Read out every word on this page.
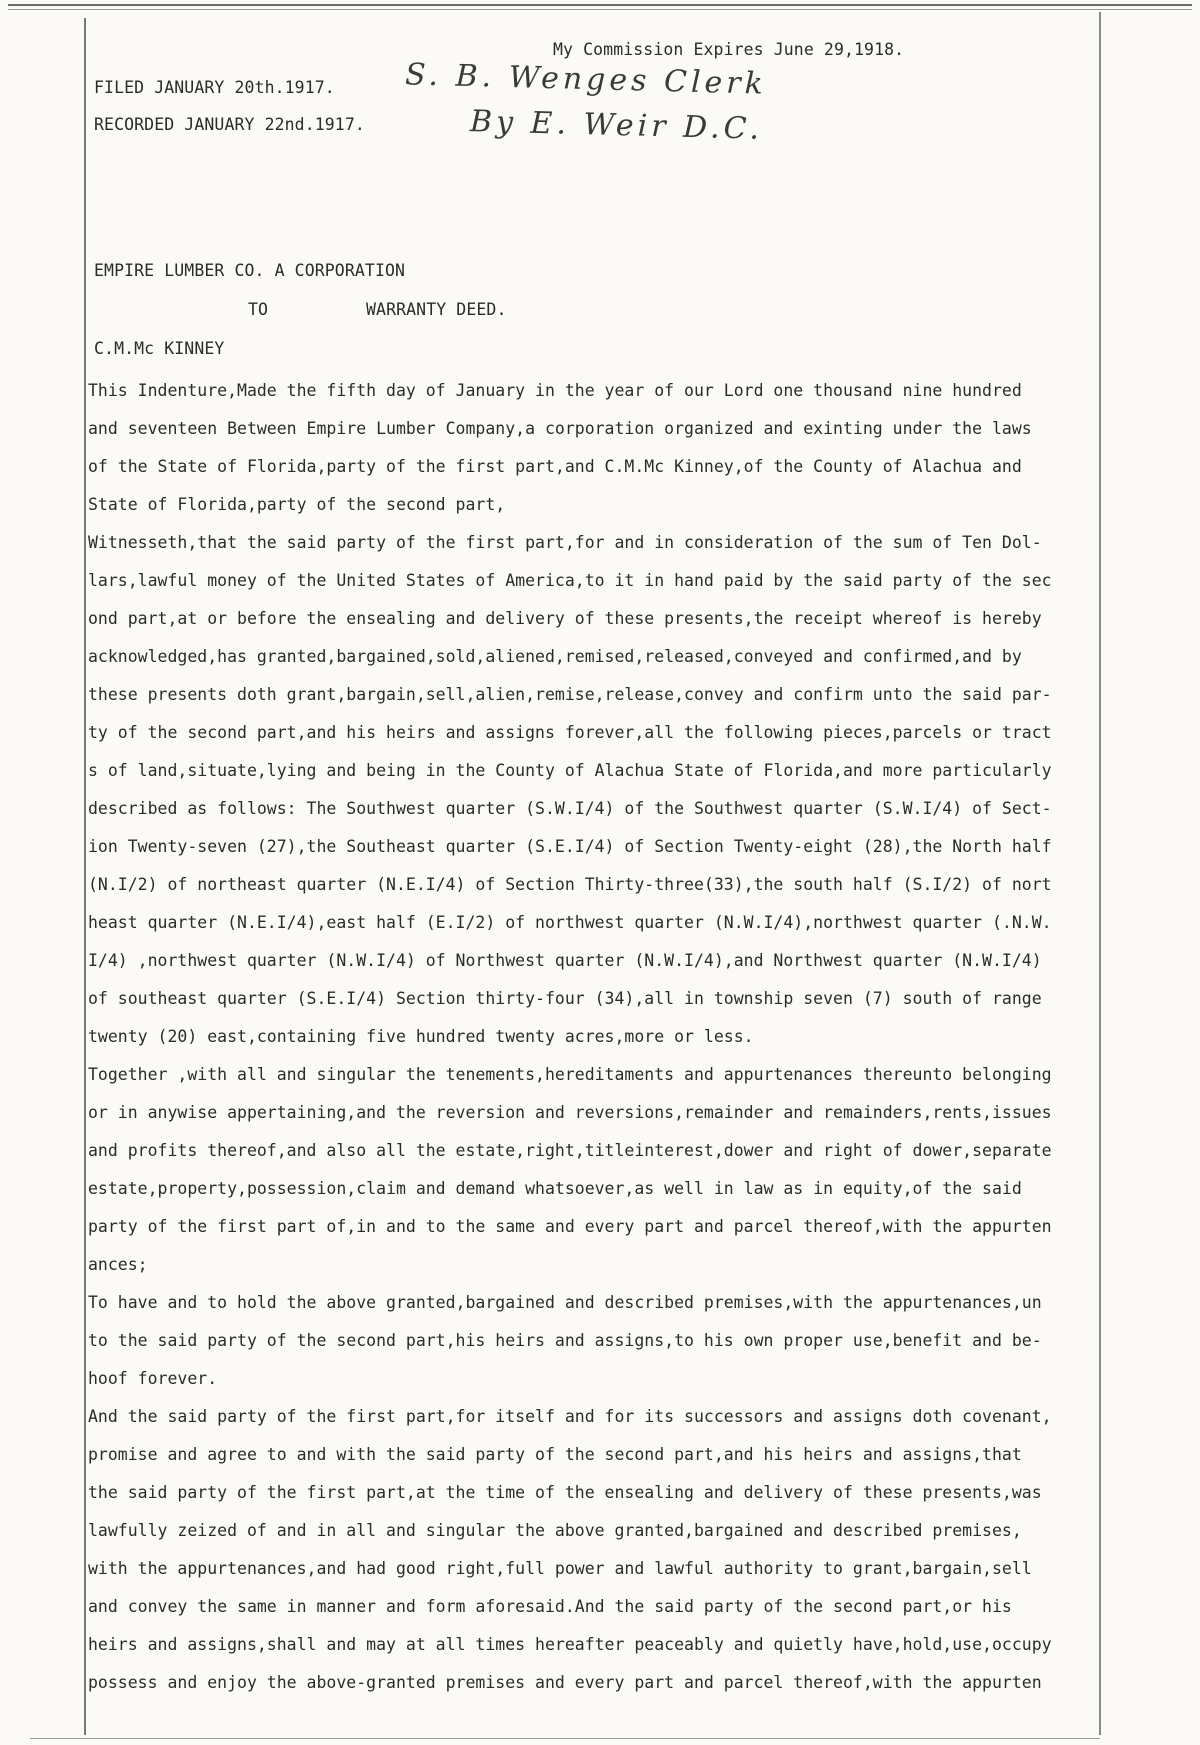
My Commission Expires June 29,1918.
FILED JANUARY 20th.1917.
RECORDED JANUARY 22nd.1917.
S. B. Wenges Clerk
By E. Weir D.C.
EMPIRE LUMBER CO. A CORPORATION
TO	WARRANTY DEED.
C.M.Mc KINNEY
This Indenture,Made the fifth day of January in the year of our Lord one thousand nine hundred
and seventeen Between Empire Lumber Company,a corporation organized and exinting under the laws
of the State of Florida,party of the first part,and C.M.Mc Kinney,of the County of Alachua and
State of Florida,party of the second part,
Witnesseth,that the said party of the first part,for and in consideration of the sum of Ten Dol-
lars,lawful money of the United States of America,to it in hand paid by the said party of the sec
ond part,at or before the ensealing and delivery of these presents,the receipt whereof is hereby
acknowledged,has granted,bargained,sold,aliened,remised,released,conveyed and confirmed,and by
these presents doth grant,bargain,sell,alien,remise,release,convey and confirm unto the said par-
ty of the second part,and his heirs and assigns forever,all the following pieces,parcels or tract
s of land,situate,lying and being in the County of Alachua State of Florida,and more particularly
described as follows: The Southwest quarter (S.W.I/4) of the Southwest quarter (S.W.I/4) of Sect-
ion Twenty-seven (27),the Southeast quarter (S.E.I/4) of Section Twenty-eight (28),the North half
(N.I/2) of northeast quarter (N.E.I/4) of Section Thirty-three(33),the south half (S.I/2) of nort
heast quarter (N.E.I/4),east half (E.I/2) of northwest quarter (N.W.I/4),northwest quarter (.N.W.
I/4) ,northwest quarter (N.W.I/4) of Northwest quarter (N.W.I/4),and Northwest quarter (N.W.I/4)
of southeast quarter (S.E.I/4) Section thirty-four (34),all in township seven (7) south of range
twenty (20) east,containing five hundred twenty acres,more or less.
Together ,with all and singular the tenements,hereditaments and appurtenances thereunto belonging
or in anywise appertaining,and the reversion and reversions,remainder and remainders,rents,issues
and profits thereof,and also all the estate,right,titleinterest,dower and right of dower,separate
estate,property,possession,claim and demand whatsoever,as well in law as in equity,of the said
party of the first part of,in and to the same and every part and parcel thereof,with the appurten
ances;
To have and to hold the above granted,bargained and described premises,with the appurtenances,un
to the said party of the second part,his heirs and assigns,to his own proper use,benefit and be-
hoof forever.
And the said party of the first part,for itself and for its successors and assigns doth covenant,
promise and agree to and with the said party of the second part,and his heirs and assigns,that
the said party of the first part,at the time of the ensealing and delivery of these presents,was
lawfully zeized of and in all and singular the above granted,bargained and described premises,
with the appurtenances,and had good right,full power and lawful authority to grant,bargain,sell
and convey the same in manner and form aforesaid.And the said party of the second part,or his
heirs and assigns,shall and may at all times hereafter peaceably and quietly have,hold,use,occupy
possess and enjoy the above-granted premises and every part and parcel thereof,with the appurten
